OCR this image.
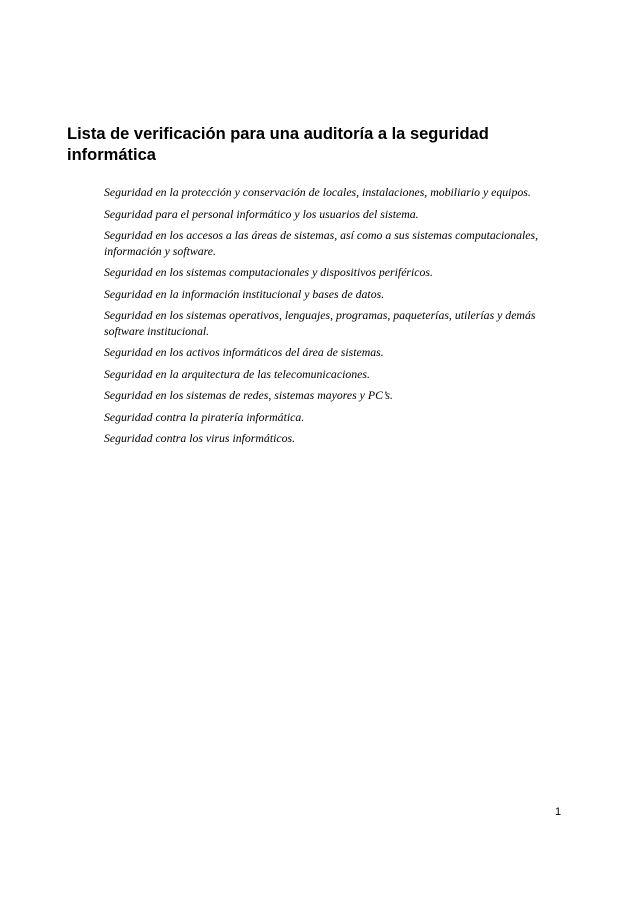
Lista de verificación para una auditoría a la seguridad informática
Seguridad en la protección y conservación de locales, instalaciones, mobiliario y equipos.
Seguridad para el personal informático y los usuarios del sistema.
Seguridad en los accesos a las áreas de sistemas, así como a sus sistemas computacionales, información y software.
Seguridad en los sistemas computacionales y dispositivos periféricos.
Seguridad en la información institucional y bases de datos.
Seguridad en los sistemas operativos, lenguajes, programas, paqueterías, utilerías y demás software institucional.
Seguridad en los activos informáticos del área de sistemas.
Seguridad en la arquitectura de las telecomunicaciones.
Seguridad en los sistemas de redes, sistemas mayores y PC’s.
Seguridad contra la piratería informática.
Seguridad contra los virus informáticos.
1
